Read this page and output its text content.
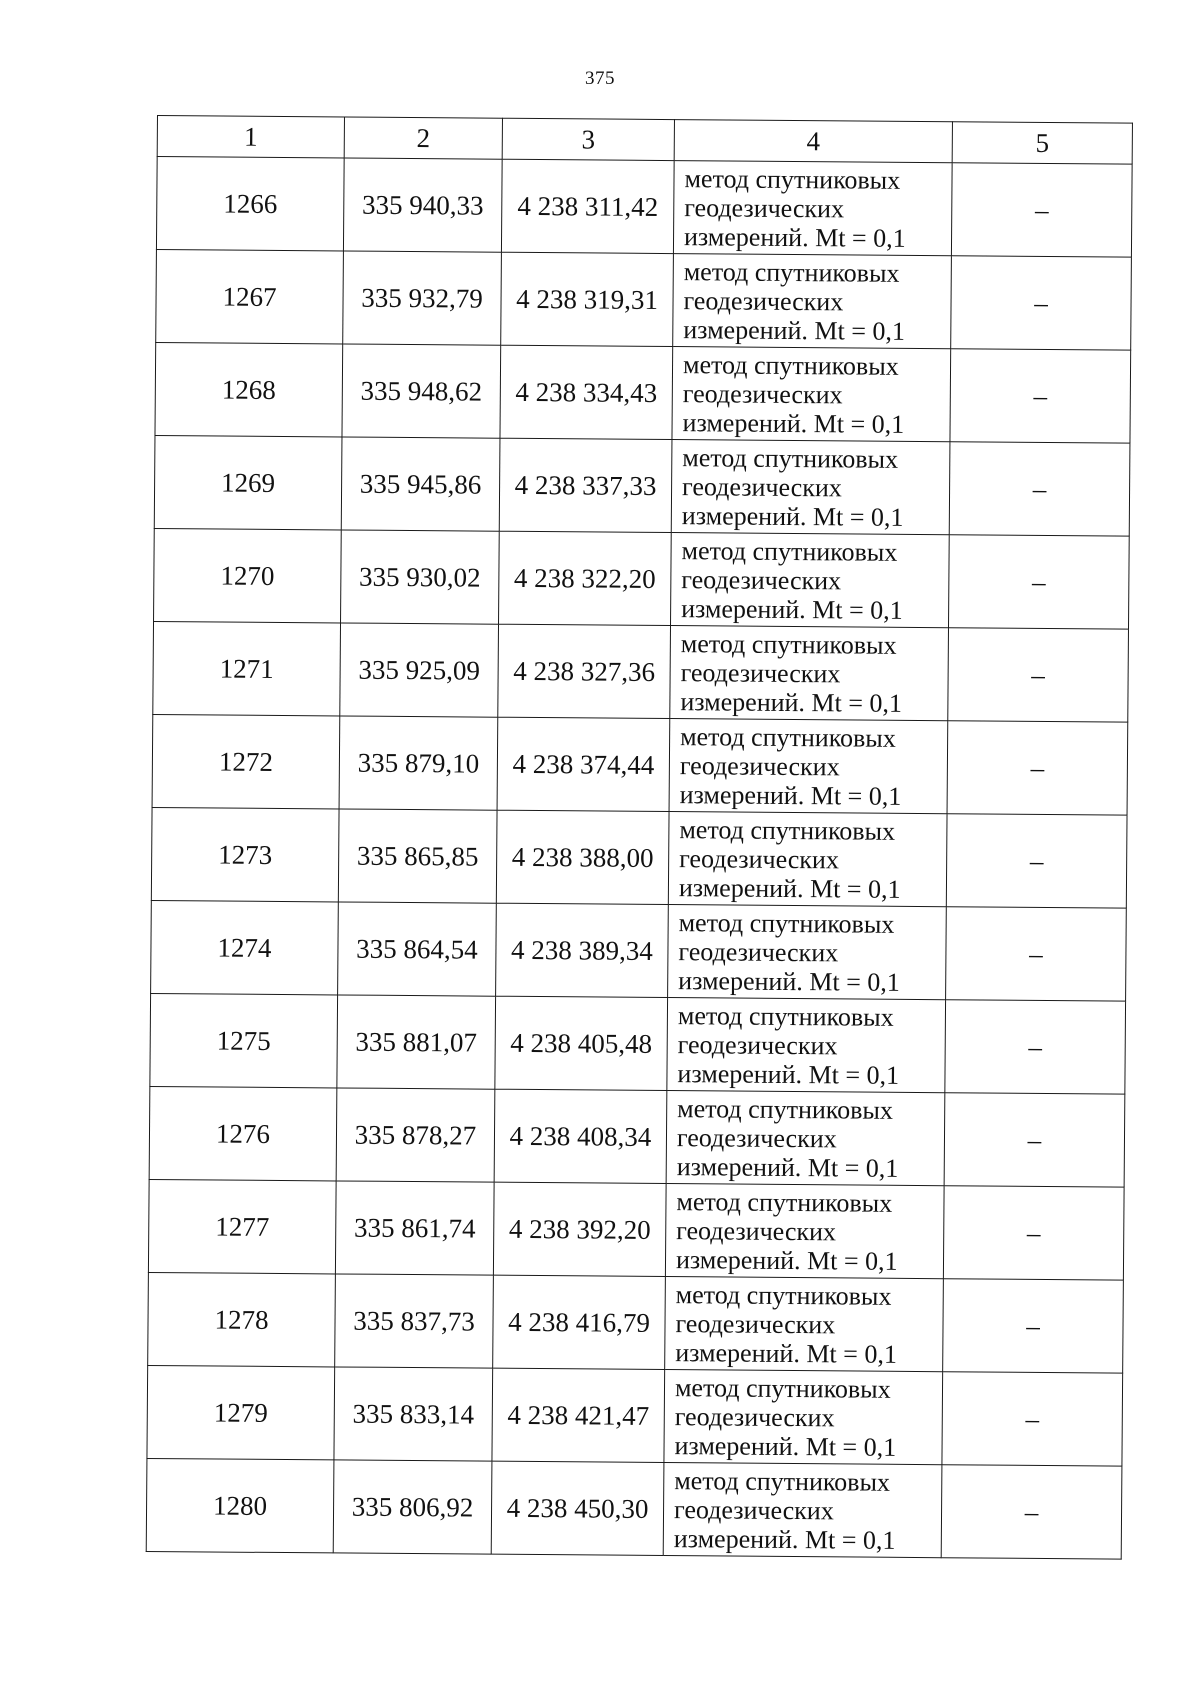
375
1	2	3	4	5
1266	335 940,33	4 238 311,42	метод спутниковых
геодезических
измерений. Mt = 0,1	–
1267	335 932,79	4 238 319,31	метод спутниковых
геодезических
измерений. Mt = 0,1	–
1268	335 948,62	4 238 334,43	метод спутниковых
геодезических
измерений. Mt = 0,1	–
1269	335 945,86	4 238 337,33	метод спутниковых
геодезических
измерений. Mt = 0,1	–
1270	335 930,02	4 238 322,20	метод спутниковых
геодезических
измерений. Mt = 0,1	–
1271	335 925,09	4 238 327,36	метод спутниковых
геодезических
измерений. Mt = 0,1	–
1272	335 879,10	4 238 374,44	метод спутниковых
геодезических
измерений. Mt = 0,1	–
1273	335 865,85	4 238 388,00	метод спутниковых
геодезических
измерений. Mt = 0,1	–
1274	335 864,54	4 238 389,34	метод спутниковых
геодезических
измерений. Mt = 0,1	–
1275	335 881,07	4 238 405,48	метод спутниковых
геодезических
измерений. Mt = 0,1	–
1276	335 878,27	4 238 408,34	метод спутниковых
геодезических
измерений. Mt = 0,1	–
1277	335 861,74	4 238 392,20	метод спутниковых
геодезических
измерений. Mt = 0,1	–
1278	335 837,73	4 238 416,79	метод спутниковых
геодезических
измерений. Mt = 0,1	–
1279	335 833,14	4 238 421,47	метод спутниковых
геодезических
измерений. Mt = 0,1	–
1280	335 806,92	4 238 450,30	метод спутниковых
геодезических
измерений. Mt = 0,1	–
